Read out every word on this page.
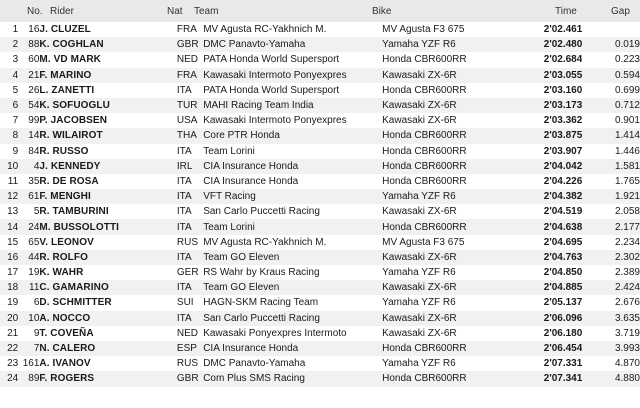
No. Rider	Nat Team	Bike	Time	Gap
1	16	J. CLUZEL	FRA	MV Agusta RC-Yakhnich M.	MV Agusta F3 675	2'02.461	
2	88	K. COGHLAN	GBR	DMC Panavto-Yamaha	Yamaha YZF R6	2'02.480	0.019
3	60	M. VD MARK	NED	PATA Honda World Supersport	Honda CBR600RR	2'02.684	0.223
4	21	F. MARINO	FRA	Kawasaki Intermoto Ponyexpres	Kawasaki ZX-6R	2'03.055	0.594
5	26	L. ZANETTI	ITA	PATA Honda World Supersport	Honda CBR600RR	2'03.160	0.699
6	54	K. SOFUOGLU	TUR	MAHI Racing Team India	Kawasaki ZX-6R	2'03.173	0.712
7	99	P. JACOBSEN	USA	Kawasaki Intermoto Ponyexpres	Kawasaki ZX-6R	2'03.362	0.901
8	14	R. WILAIROT	THA	Core PTR Honda	Honda CBR600RR	2'03.875	1.414
9	84	R. RUSSO	ITA	Team Lorini	Honda CBR600RR	2'03.907	1.446
10	4	J. KENNEDY	IRL	CIA Insurance Honda	Honda CBR600RR	2'04.042	1.581
11	35	R. DE ROSA	ITA	CIA Insurance Honda	Honda CBR600RR	2'04.226	1.765
12	61	F. MENGHI	ITA	VFT Racing	Yamaha YZF R6	2'04.382	1.921
13	5	R. TAMBURINI	ITA	San Carlo Puccetti Racing	Kawasaki ZX-6R	2'04.519	2.058
14	24	M. BUSSOLOTTI	ITA	Team Lorini	Honda CBR600RR	2'04.638	2.177
15	65	V. LEONOV	RUS	MV Agusta RC-Yakhnich M.	MV Agusta F3 675	2'04.695	2.234
16	44	R. ROLFO	ITA	Team GO Eleven	Kawasaki ZX-6R	2'04.763	2.302
17	19	K. WAHR	GER	RS Wahr by Kraus Racing	Yamaha YZF R6	2'04.850	2.389
18	11	C. GAMARINO	ITA	Team GO Eleven	Kawasaki ZX-6R	2'04.885	2.424
19	6	D. SCHMITTER	SUI	HAGN-SKM Racing Team	Yamaha YZF R6	2'05.137	2.676
20	10	A. NOCCO	ITA	San Carlo Puccetti Racing	Kawasaki ZX-6R	2'06.096	3.635
21	9	T. COVEÑA	NED	Kawasaki Ponyexpres Intermoto	Kawasaki ZX-6R	2'06.180	3.719
22	7	N. CALERO	ESP	CIA Insurance Honda	Honda CBR600RR	2'06.454	3.993
23	161	A. IVANOV	RUS	DMC Panavto-Yamaha	Yamaha YZF R6	2'07.331	4.870
24	89	F. ROGERS	GBR	Com Plus SMS Racing	Honda CBR600RR	2'07.341	4.880
